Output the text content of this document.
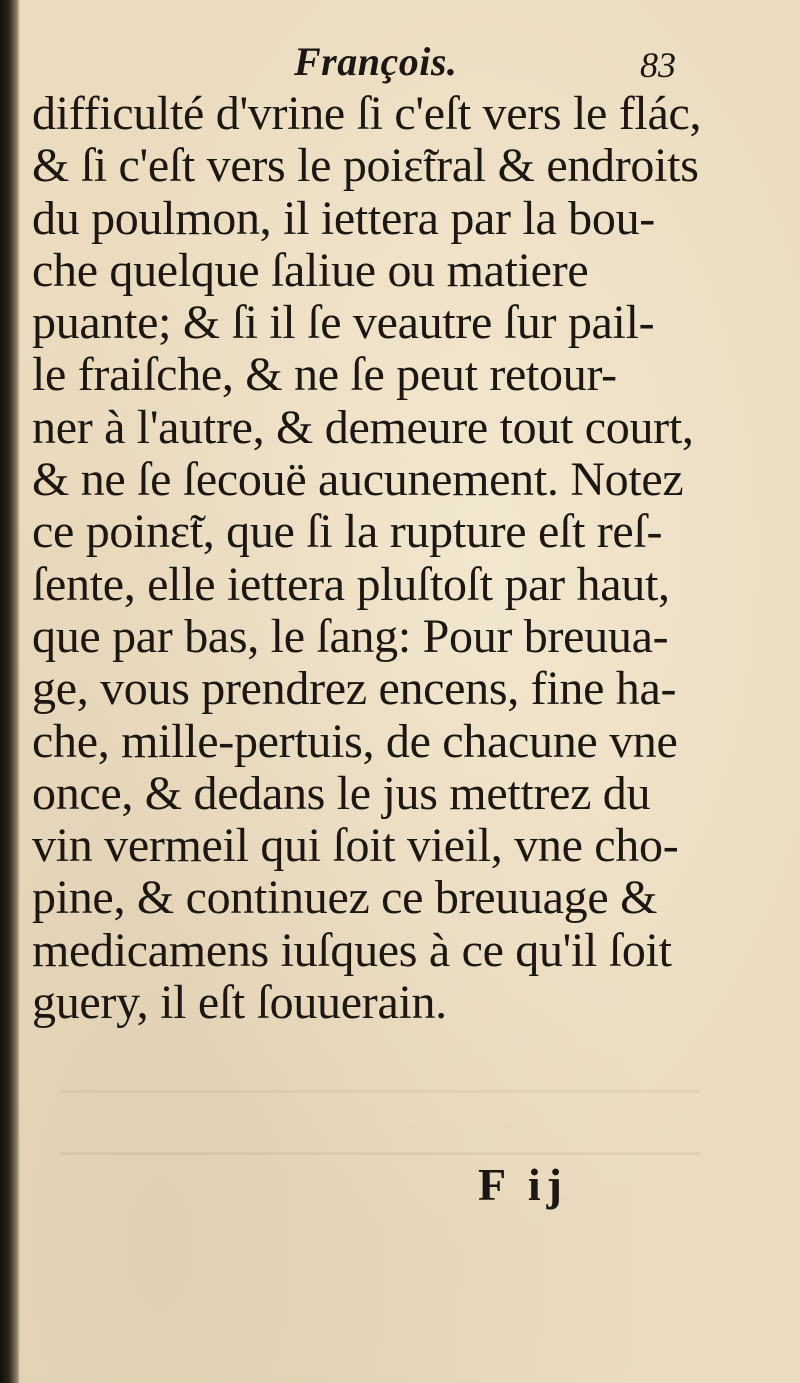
François.	83
difficulté d'vrine ſi c'eſt vers le flác,
& ſi c'eſt vers le poiɛ̃tral & endroits
du poulmon, il iettera par la bou-
che quelque ſaliue ou matiere
puante; & ſi il ſe veautre ſur pail-
le fraiſche, & ne ſe peut retour-
ner à l'autre, & demeure tout court,
& ne ſe ſecouë aucunement. Notez
ce poinɛ̃t, que ſi la rupture eſt reſ-
ſente, elle iettera pluſtoſt par haut,
que par bas, le ſang: Pour breuua-
ge, vous prendrez encens, fine ha-
che, mille-pertuis, de chacune vne
once, & dedans le jus mettrez du
vin vermeil qui ſoit vieil, vne cho-
pine, & continuez ce breuuage &
medicamens iuſques à ce qu'il ſoit
guery, il eſt ſouuerain.
F ij
